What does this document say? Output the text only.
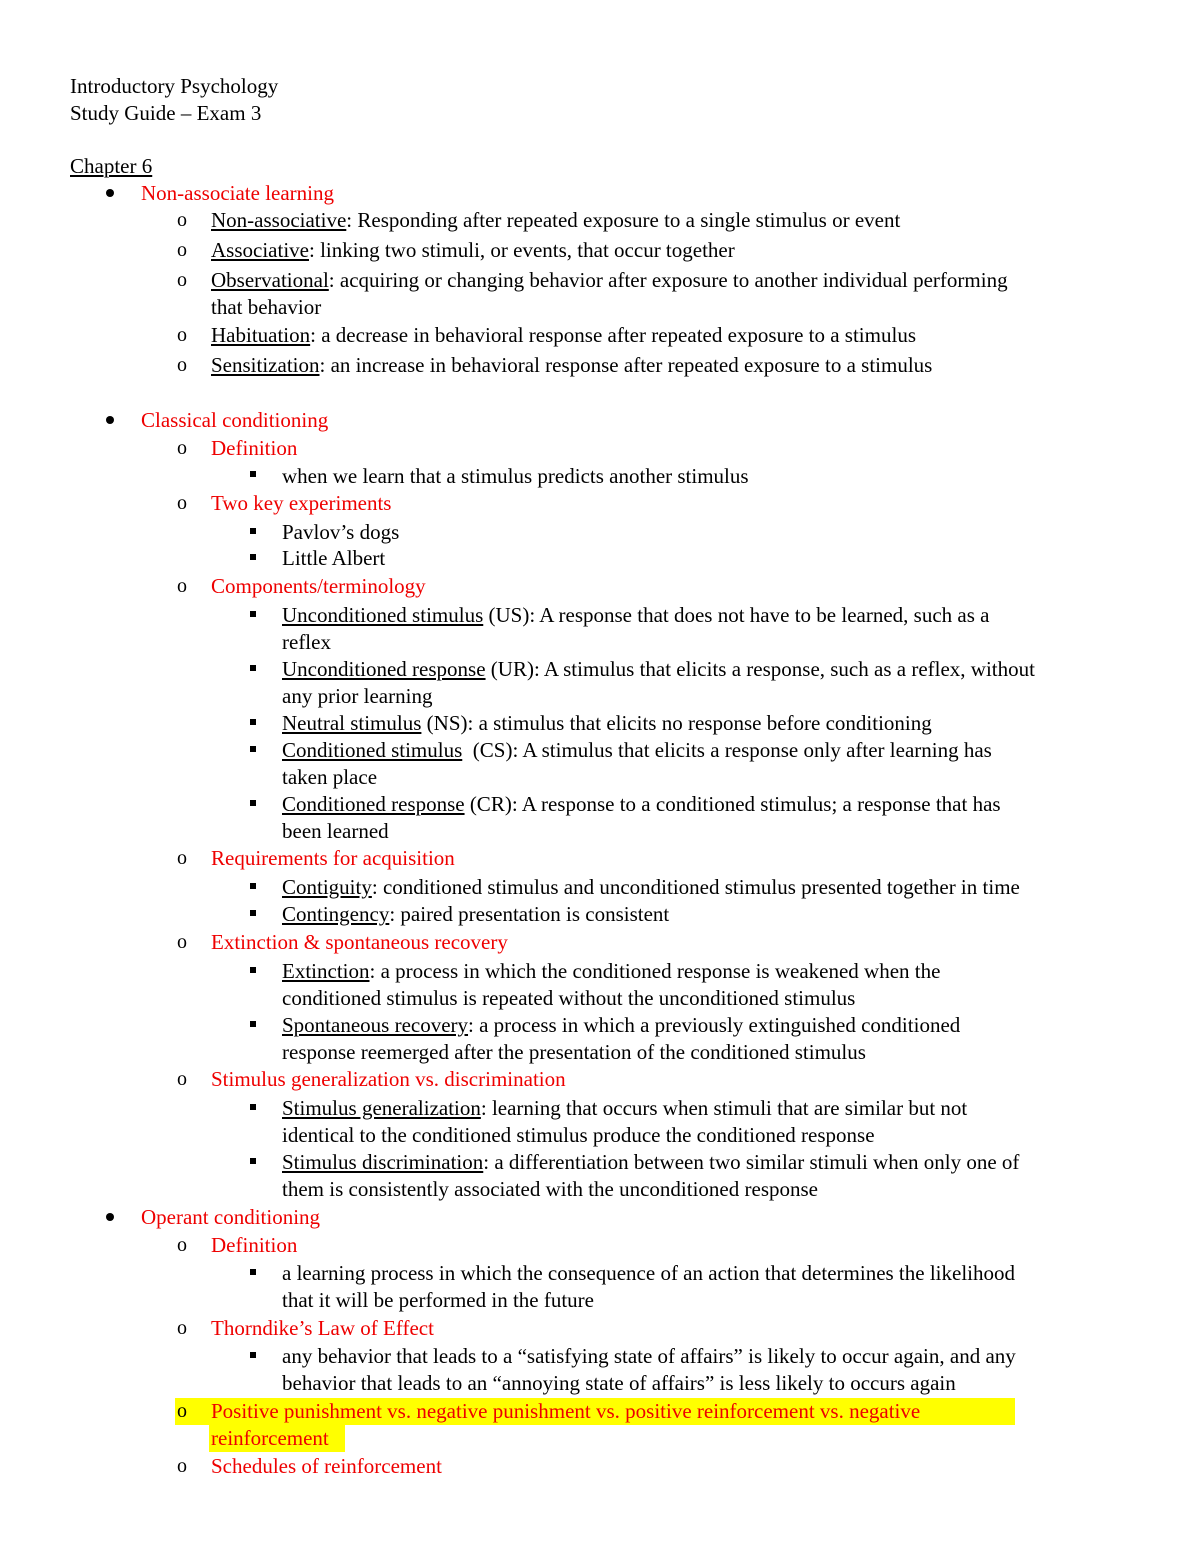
Introductory Psychology
Study Guide – Exam 3
Chapter 6
Non-associate learning
o Non-associative: Responding after repeated exposure to a single stimulus or event
o Associative: linking two stimuli, or events, that occur together
o Observational: acquiring or changing behavior after exposure to another individual performing
that behavior
o Habituation: a decrease in behavioral response after repeated exposure to a stimulus
o Sensitization: an increase in behavioral response after repeated exposure to a stimulus
Classical conditioning
o Definition
when we learn that a stimulus predicts another stimulus
o Two key experiments
Pavlov’s dogs
Little Albert
o Components/terminology
Unconditioned stimulus (US): A response that does not have to be learned, such as a
reflex
Unconditioned response (UR): A stimulus that elicits a response, such as a reflex, without
any prior learning
Neutral stimulus (NS): a stimulus that elicits no response before conditioning
Conditioned stimulus  (CS): A stimulus that elicits a response only after learning has
taken place
Conditioned response (CR): A response to a conditioned stimulus; a response that has
been learned
o Requirements for acquisition
Contiguity: conditioned stimulus and unconditioned stimulus presented together in time
Contingency: paired presentation is consistent
o Extinction & spontaneous recovery
Extinction: a process in which the conditioned response is weakened when the
conditioned stimulus is repeated without the unconditioned stimulus
Spontaneous recovery: a process in which a previously extinguished conditioned
response reemerged after the presentation of the conditioned stimulus
o Stimulus generalization vs. discrimination
Stimulus generalization: learning that occurs when stimuli that are similar but not
identical to the conditioned stimulus produce the conditioned response
Stimulus discrimination: a differentiation between two similar stimuli when only one of
them is consistently associated with the unconditioned response
Operant conditioning
o Definition
a learning process in which the consequence of an action that determines the likelihood
that it will be performed in the future
o Thorndike’s Law of Effect
any behavior that leads to a “satisfying state of affairs” is likely to occur again, and any
behavior that leads to an “annoying state of affairs” is less likely to occurs again
o Positive punishment vs. negative punishment vs. positive reinforcement vs. negative
reinforcement
o Schedules of reinforcement
